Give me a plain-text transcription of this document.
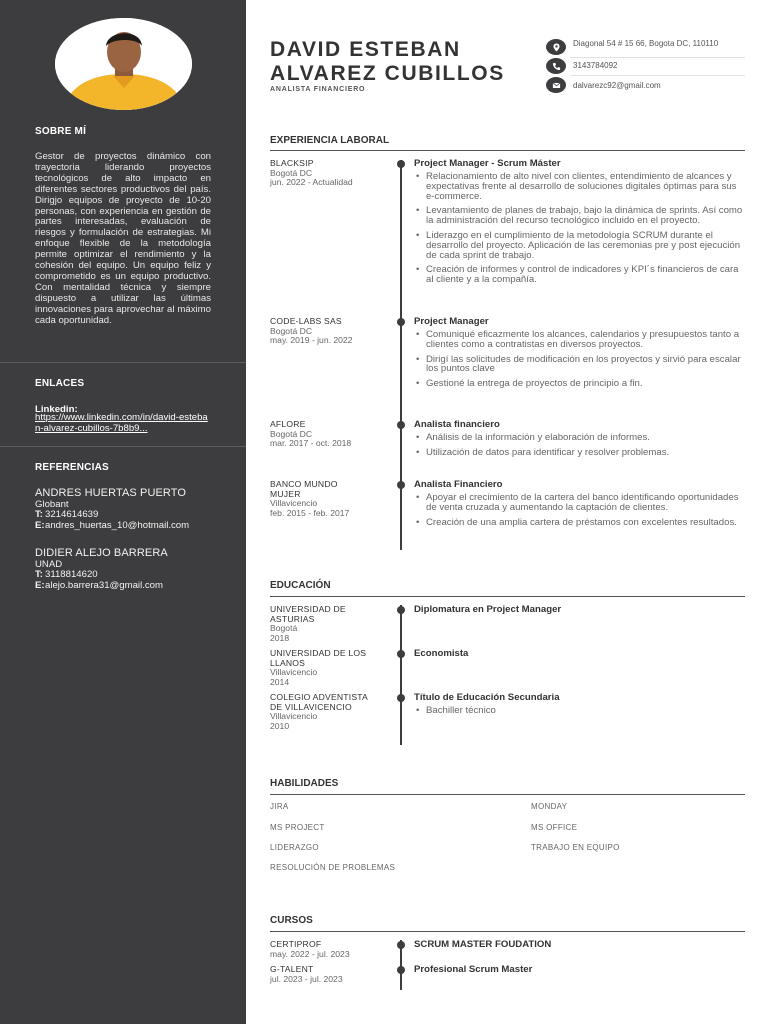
SOBRE MÍ
Gestor de proyectos dinámico con trayectoria liderando proyectos tecnológicos de alto impacto en diferentes sectores productivos del país. Dirigjo equipos de proyecto de 10-20 personas, con experiencia en gestión de partes interesadas, evaluación de riesgos y formulación de estrategias. Mi enfoque flexible de la metodología permite optimizar el rendimiento y la cohesión del equipo. Un equipo feliz y comprometido es un equipo productivo. Con mentalidad técnica y siempre dispuesto a utilizar las últimas innovaciones para aprovechar al máximo cada oportunidad.
ENLACES
Linkedin:
https://www.linkedin.com/in/david-esteban-alvarez-cubillos-7b8b9...
REFERENCIAS
ANDRES HUERTAS PUERTO
Globant
T: 3214614639
E: andres_huertas_10@hotmail.com
DIDIER ALEJO BARRERA
UNAD
T: 3118814620
E: alejo.barrera31@gmail.com
DAVID ESTEBAN
ALVAREZ CUBILLOS
ANALISTA FINANCIERO
Diagonal 54 # 15 66, Bogota DC, 110110
3143784092
dalvarezc92@gmail.com
EXPERIENCIA LABORAL
BLACKSIP
Bogotá DC
jun. 2022 - Actualidad
Project Manager - Scrum Máster
• Relacionamiento de alto nivel con clientes, entendimiento de alcances y expectativas frente al desarrollo de soluciones digitales óptimas para sus e-commerce.
• Levantamiento de planes de trabajo, bajo la dinámica de sprints. Así como la administración del recurso tecnológico incluido en el proyecto.
• Liderazgo en el cumplimiento de la metodología SCRUM durante el desarrollo del proyecto. Aplicación de las ceremonias pre y post ejecución de cada sprint de trabajo.
• Creación de informes y control de indicadores y KPI´s financieros de cara al cliente y a la compañía.
CODE-LABS SAS
Bogotá DC
may. 2019 - jun. 2022
Project Manager
• Comuniqué eficazmente los alcances, calendarios y presupuestos tanto a clientes como a contratistas en diversos proyectos.
• Dirigí las solicitudes de modificación en los proyectos y sirvió para escalar los puntos clave
• Gestioné la entrega de proyectos de principio a fin.
AFLORE
Bogotá DC
mar. 2017 - oct. 2018
Analista financiero
• Análisis de la información y elaboración de informes.
• Utilización de datos para identificar y resolver problemas.
BANCO MUNDO MUJER
Villavicencio
feb. 2015 - feb. 2017
Analista Financiero
• Apoyar el crecimiento de la cartera del banco identificando oportunidades de venta cruzada y aumentando la captación de clientes.
• Creación de una amplia cartera de préstamos con excelentes resultados.
EDUCACIÓN
UNIVERSIDAD DE ASTURIAS
Bogotá
2018
Diplomatura en Project Manager
UNIVERSIDAD DE LOS LLANOS
Villavicencio
2014
Economista
COLEGIO ADVENTISTA DE VILLAVICENCIO
Villavicencio
2010
Título de Educación Secundaria
• Bachiller técnico
HABILIDADES
JIRA	MONDAY
MS PROJECT	MS OFFICE
LIDERAZGO	TRABAJO EN EQUIPO
RESOLUCIÓN DE PROBLEMAS
CURSOS
CERTIPROF
may. 2022 - jul. 2023
SCRUM MASTER FOUDATION
G-TALENT
jul. 2023 - jul. 2023
Profesional Scrum Master
